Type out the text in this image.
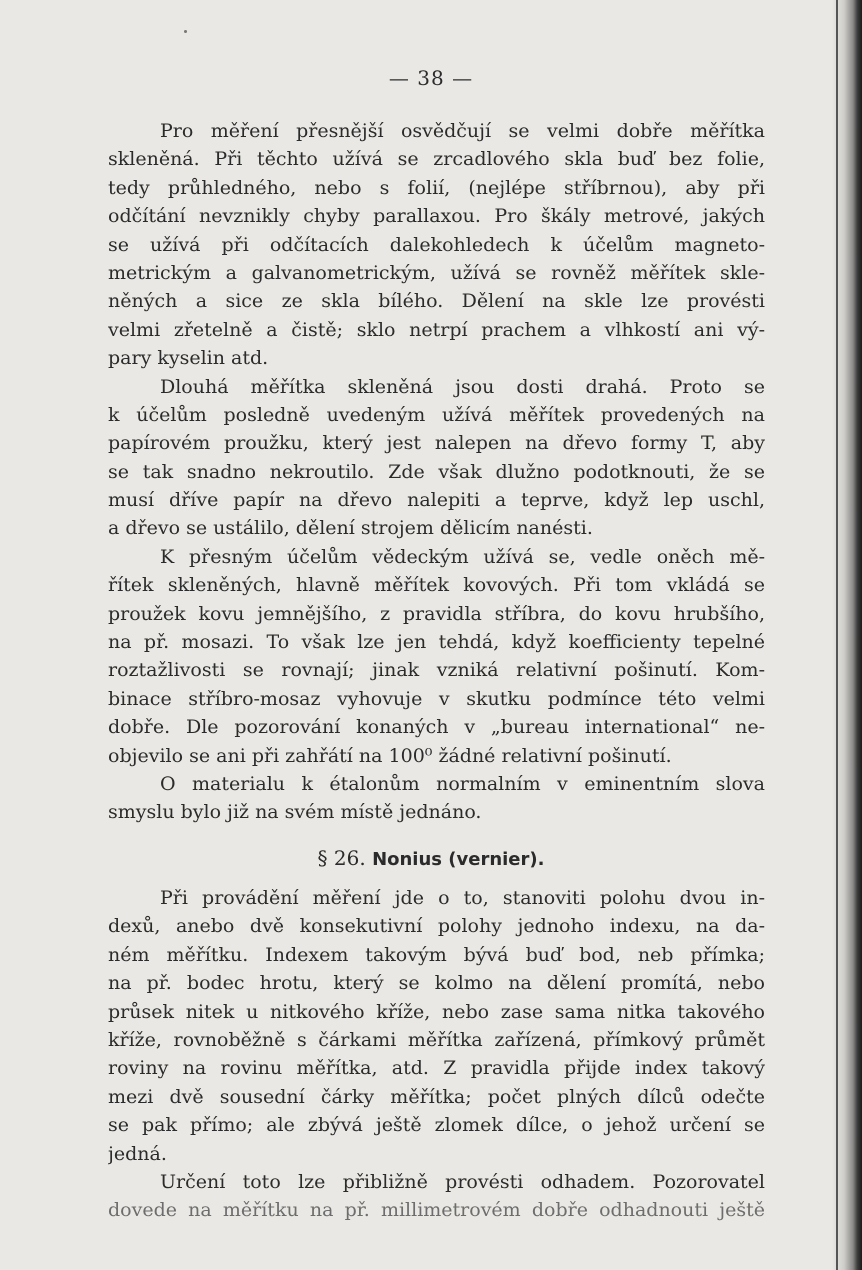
— 38 —
Pro měření přesnější osvědčují se velmi dobře měřítka
skleněná. Při těchto užívá se zrcadlového skla buď bez folie,
tedy průhledného, nebo s folií, (nejlépe stříbrnou), aby při
odčítání nevznikly chyby parallaxou. Pro škály metrové, jakých
se užívá při odčítacích dalekohledech k účelům magneto-
metrickým a galvanometrickým, užívá se rovněž měřítek skle-
něných a sice ze skla bílého. Dělení na skle lze provésti
velmi zřetelně a čistě; sklo netrpí prachem a vlhkostí ani vý-
pary kyselin atd.
Dlouhá měřítka skleněná jsou dosti drahá. Proto se
k účelům posledně uvedeným užívá měřítek provedených na
papírovém proužku, který jest nalepen na dřevo formy T, aby
se tak snadno nekroutilo. Zde však dlužno podotknouti, že se
musí dříve papír na dřevo nalepiti a teprve, když lep uschl,
a dřevo se ustálilo, dělení strojem dělicím nanésti.
K přesným účelům vědeckým užívá se, vedle oněch mě-
řítek skleněných, hlavně měřítek kovových. Při tom vkládá se
proužek kovu jemnějšího, z pravidla stříbra, do kovu hrubšího,
na př. mosazi. To však lze jen tehdá, když koefficienty tepelné
roztažlivosti se rovnají; jinak vzniká relativní pošinutí. Kom-
binace stříbro-mosaz vyhovuje v skutku podmínce této velmi
dobře. Dle pozorování konaných v „bureau international“ ne-
objevilo se ani při zahřátí na 100⁰ žádné relativní pošinutí.
O materialu k étalonům normalním v eminentním slova
smyslu bylo již na svém místě jednáno.
§ 26. Nonius (vernier).
Při provádění měření jde o to, stanoviti polohu dvou in-
dexů, anebo dvě konsekutivní polohy jednoho indexu, na da-
ném měřítku. Indexem takovým bývá buď bod, neb přímka;
na př. bodec hrotu, který se kolmo na dělení promítá, nebo
průsek nitek u nitkového kříže, nebo zase sama nitka takového
kříže, rovnoběžně s čárkami měřítka zařízená, přímkový průmět
roviny na rovinu měřítka, atd. Z pravidla přijde index takový
mezi dvě sousední čárky měřítka; počet plných dílců odečte
se pak přímo; ale zbývá ještě zlomek dílce, o jehož určení se
jedná.
Určení toto lze přibližně provésti odhadem. Pozorovatel
dovede na měřítku na př. millimetrovém dobře odhadnouti ještě
